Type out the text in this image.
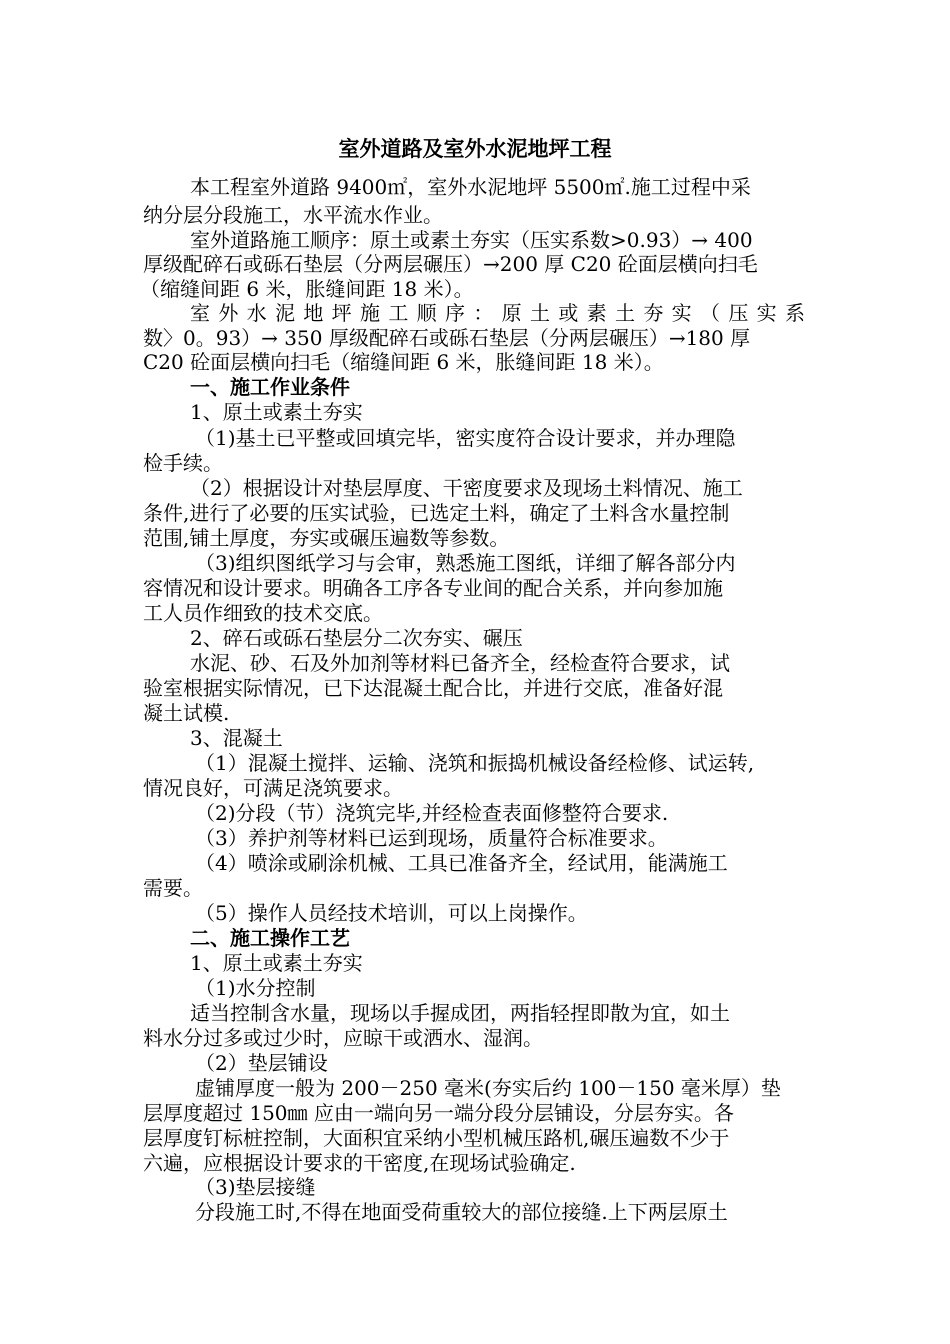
室外道路及室外水泥地坪工程
本工程室外道路 9400㎡，室外水泥地坪 5500㎡.施工过程中采
纳分层分段施工，水平流水作业。
室外道路施工顺序：原土或素土夯实（压实系数>0.93）→ 400
厚级配碎石或砾石垫层（分两层碾压）→200 厚 C20 砼面层横向扫毛
（缩缝间距 6 米，胀缝间距 18 米）。
室外水泥地坪施工顺序：原土或素土夯实（压实系
数〉0。93）→ 350 厚级配碎石或砾石垫层（分两层碾压）→180 厚
C20 砼面层横向扫毛（缩缝间距 6 米，胀缝间距 18 米）。
一、施工作业条件
1、原土或素土夯实
（1)基土已平整或回填完毕，密实度符合设计要求，并办理隐
检手续。
（2）根据设计对垫层厚度、干密度要求及现场土料情况、施工
条件,进行了必要的压实试验，已选定土料，确定了土料含水量控制
范围,铺土厚度，夯实或碾压遍数等参数。
（3)组织图纸学习与会审，熟悉施工图纸，详细了解各部分内
容情况和设计要求。明确各工序各专业间的配合关系，并向参加施
工人员作细致的技术交底。
2、碎石或砾石垫层分二次夯实、碾压
水泥、砂、石及外加剂等材料已备齐全，经检查符合要求，试
验室根据实际情况，已下达混凝土配合比，并进行交底，准备好混
凝土试模.
3、混凝土
（1）混凝土搅拌、运输、浇筑和振捣机械设备经检修、试运转,
情况良好，可满足浇筑要求。
（2)分段（节）浇筑完毕,并经检查表面修整符合要求.
（3）养护剂等材料已运到现场，质量符合标准要求。
（4）喷涂或刷涂机械、工具已准备齐全，经试用，能满施工
需要。
（5）操作人员经技术培训，可以上岗操作。
二、施工操作工艺
1、原土或素土夯实
（1)水分控制
适当控制含水量，现场以手握成团，两指轻捏即散为宜，如土
料水分过多或过少时，应晾干或洒水、湿润。
（2）垫层铺设
虚铺厚度一般为 200－250 毫米(夯实后约 100－150 毫米厚）垫
层厚度超过 150㎜ 应由一端向另一端分段分层铺设，分层夯实。各
层厚度钉标桩控制，大面积宜采纳小型机械压路机,碾压遍数不少于
六遍，应根据设计要求的干密度,在现场试验确定.
（3)垫层接缝
分段施工时,不得在地面受荷重较大的部位接缝.上下两层原土
